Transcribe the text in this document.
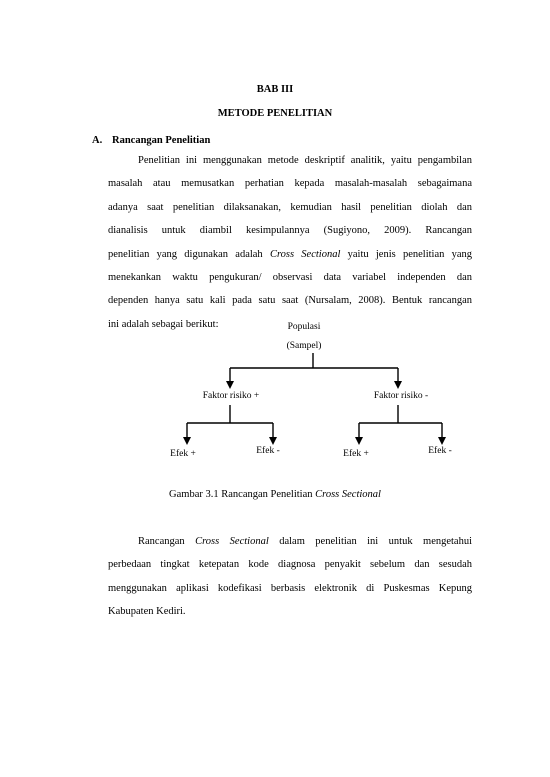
BAB III
METODE PENELITIAN
A. Rancangan Penelitian
Penelitian ini menggunakan metode deskriptif analitik, yaitu pengambilan
masalah atau memusatkan perhatian kepada masalah-masalah sebagaimana
adanya saat penelitian dilaksanakan, kemudian hasil penelitian diolah dan
dianalisis untuk diambil kesimpulannya (Sugiyono, 2009). Rancangan
penelitian yang digunakan adalah Cross Sectional yaitu jenis penelitian yang
menekankan waktu pengukuran/ observasi data variabel independen dan
dependen hanya satu kali pada satu saat (Nursalam, 2008). Bentuk rancangan
ini adalah sebagai berikut:	Populasi
(Sampel)
Faktor risiko +	Faktor risiko -
Efek +	Efek -	Efek +	Efek -
Gambar 3.1 Rancangan Penelitian Cross Sectional
Rancangan Cross Sectional dalam penelitian ini untuk mengetahui
perbedaan tingkat ketepatan kode diagnosa penyakit sebelum dan sesudah
menggunakan aplikasi kodefikasi berbasis elektronik di Puskesmas Kepung
Kabupaten Kediri.
